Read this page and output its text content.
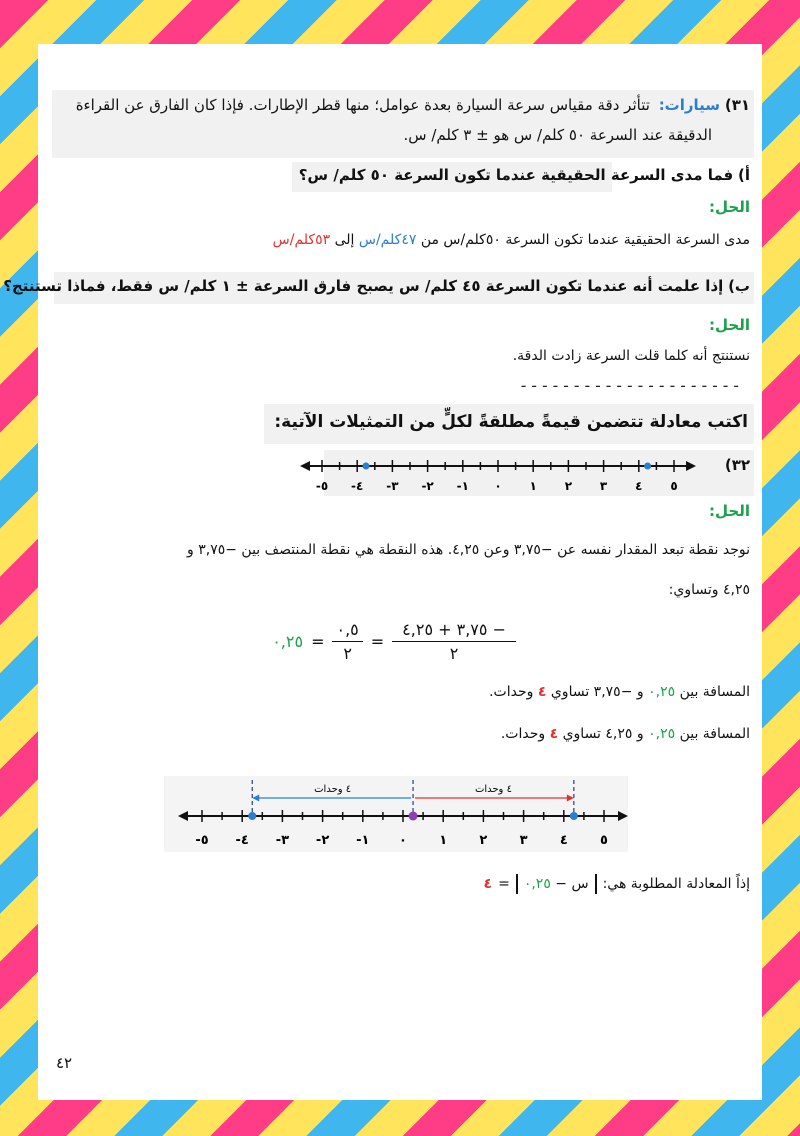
٣١) سيارات: تتأثر دقة مقياس سرعة السيارة بعدة عوامل؛ منها قطر الإطارات. فإذا كان الفارق عن القراءة
الدقيقة عند السرعة ٥٠ كلم/ س هو ± ٣ كلم/ س.
أ) فما مدى السرعة الحقيقية عندما تكون السرعة ٥٠ كلم/ س؟
الحل:
مدى السرعة الحقيقية عندما تكون السرعة ٥٠كلم/س من ٤٧كلم/س إلى ٥٣كلم/س
ب) إذا علمت أنه عندما تكون السرعة ٤٥ كلم/ س يصبح فارق السرعة ± ١ كلم/ س فقط، فماذا تستنتج؟
الحل:
نستنتج أنه كلما قلت السرعة زادت الدقة.
---------------------
اكتب معادلة تتضمن قيمةً مطلقةً لكلٍّ من التمثيلات الآتية:
٣٢)
٥- ٤- ٣- ٢- ١- ٠ ١ ٢ ٣ ٤ ٥
الحل:
نوجد نقطة تبعد المقدار نفسه عن −٣,٧٥ وعن ٤,٢٥. هذه النقطة هي نقطة المنتصف بين −٣,٧٥ و
٤,٢٥ وتساوي:
٠,٢٥ = $\frac{٠,٥}{٢} = \frac{- ٣,٧٥ + ٤,٢٥}{٢}$
المسافة بين ٠,٢٥ و −٣,٧٥ تساوي ٤ وحدات.
المسافة بين ٠,٢٥ و ٤,٢٥ تساوي ٤ وحدات.
٤ وحدات	٤ وحدات
٥- ٤- ٣- ٢- ١- ٠ ١ ٢ ٣ ٤ ٥
إذاً المعادلة المطلوبة هي:
س − ٠,٢٥
=
٤
٤٢
